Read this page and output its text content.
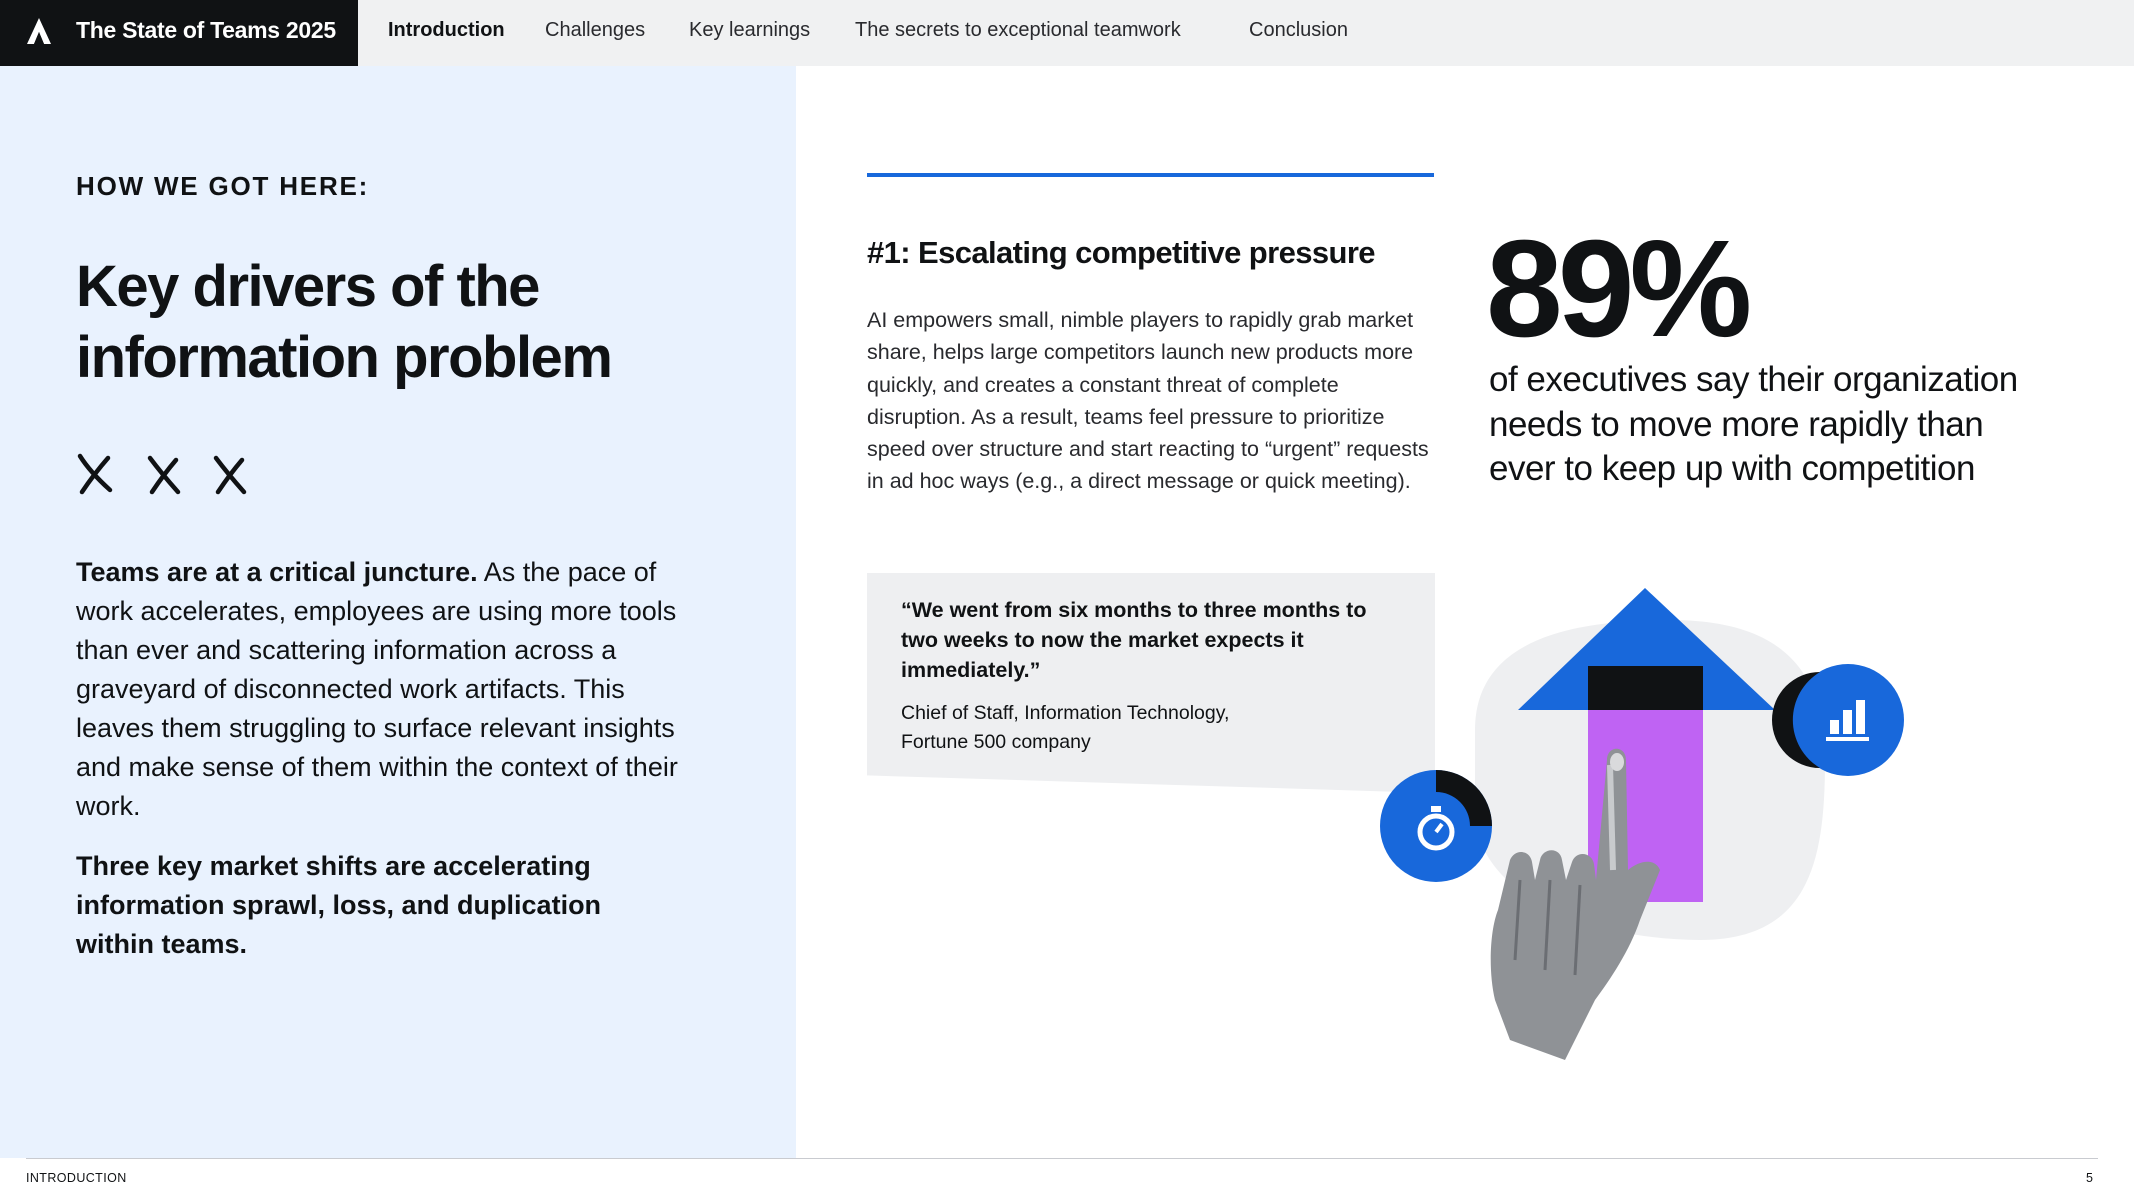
The State of Teams 2025	Introduction Challenges Key learnings The secrets to exceptional teamwork	Conclusion
HOW WE GOT HERE:
Key drivers of the information problem
Teams are at a critical juncture. As the pace of work accelerates, employees are using more tools than ever and scattering information across a graveyard of disconnected work artifacts. This leaves them struggling to surface relevant insights and make sense of them within the context of their work.
Three key market shifts are accelerating information sprawl, loss, and duplication within teams.
#1: Escalating competitive pressure
AI empowers small, nimble players to rapidly grab market share, helps large competitors launch new products more quickly, and creates a constant threat of complete disruption. As a result, teams feel pressure to prioritize speed over structure and start reacting to “urgent” requests in ad hoc ways (e.g., a direct message or quick meeting).
“We went from six months to three months to two weeks to now the market expects it immediately.”
Chief of Staff, Information Technology,
Fortune 500 company
89%
of executives say their organization needs to move more rapidly than ever to keep up with competition
INTRODUCTION	5
